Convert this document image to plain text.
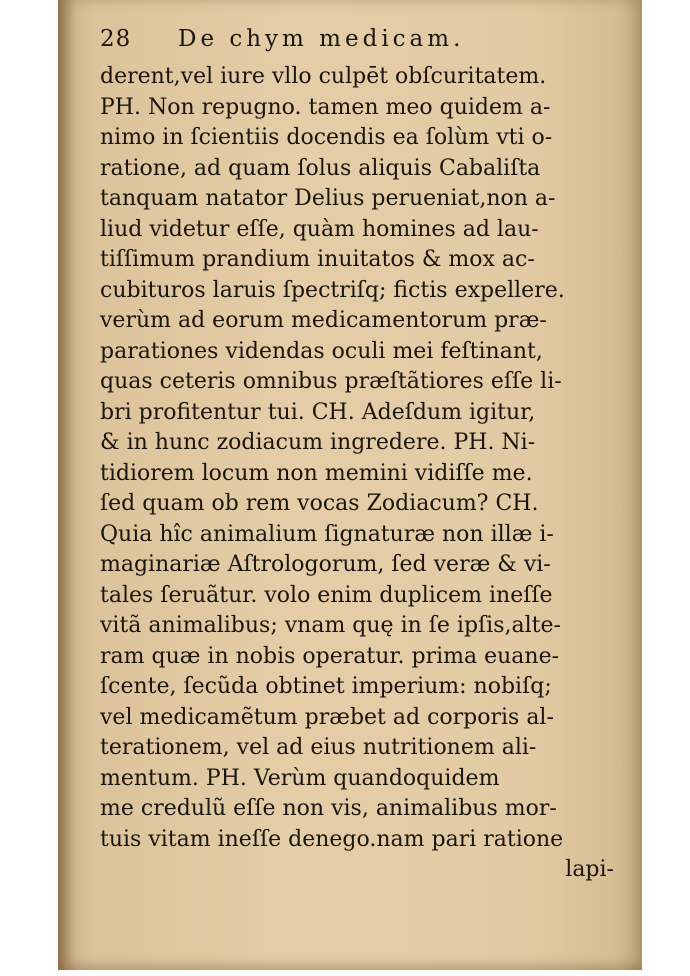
28 De chym medicam.
derent,vel iure vllo culpēt obſcuritatem.
PH. Non repugno. tamen meo quidem a-
nimo in ſcientiis docendis ea ſolùm vti o-
ratione, ad quam ſolus aliquis Cabaliſta
tanquam natator Delius perueniat,non a-
liud videtur eſſe, quàm homines ad lau-
tiſſimum prandium inuitatos & mox ac-
cubituros laruis ſpectriſq; fictis expellere.
verùm ad eorum medicamentorum præ-
parationes videndas oculi mei feſtinant,
quas ceteris omnibus præſtãtiores eſſe li-
bri profitentur tui. CH. Adeſdum igitur,
& in hunc zodiacum ingredere. PH. Ni-
tidiorem locum non memini vidiſſe me.
ſed quam ob rem vocas Zodiacum? CH.
Quia hîc animalium ſignaturæ non illæ i-
maginariæ Aſtrologorum, ſed veræ & vi-
tales ſeruãtur. volo enim duplicem ineſſe
vitã animalibus; vnam quę in ſe ipſis,alte-
ram quæ in nobis operatur. prima euane-
ſcente, ſecũda obtinet imperium: nobiſq;
vel medicamẽtum præbet ad corporis al-
terationem, vel ad eius nutritionem ali-
mentum. PH. Verùm quandoquidem
me credulũ eſſe non vis, animalibus mor-
tuis vitam ineſſe denego.nam pari ratione
lapi-
